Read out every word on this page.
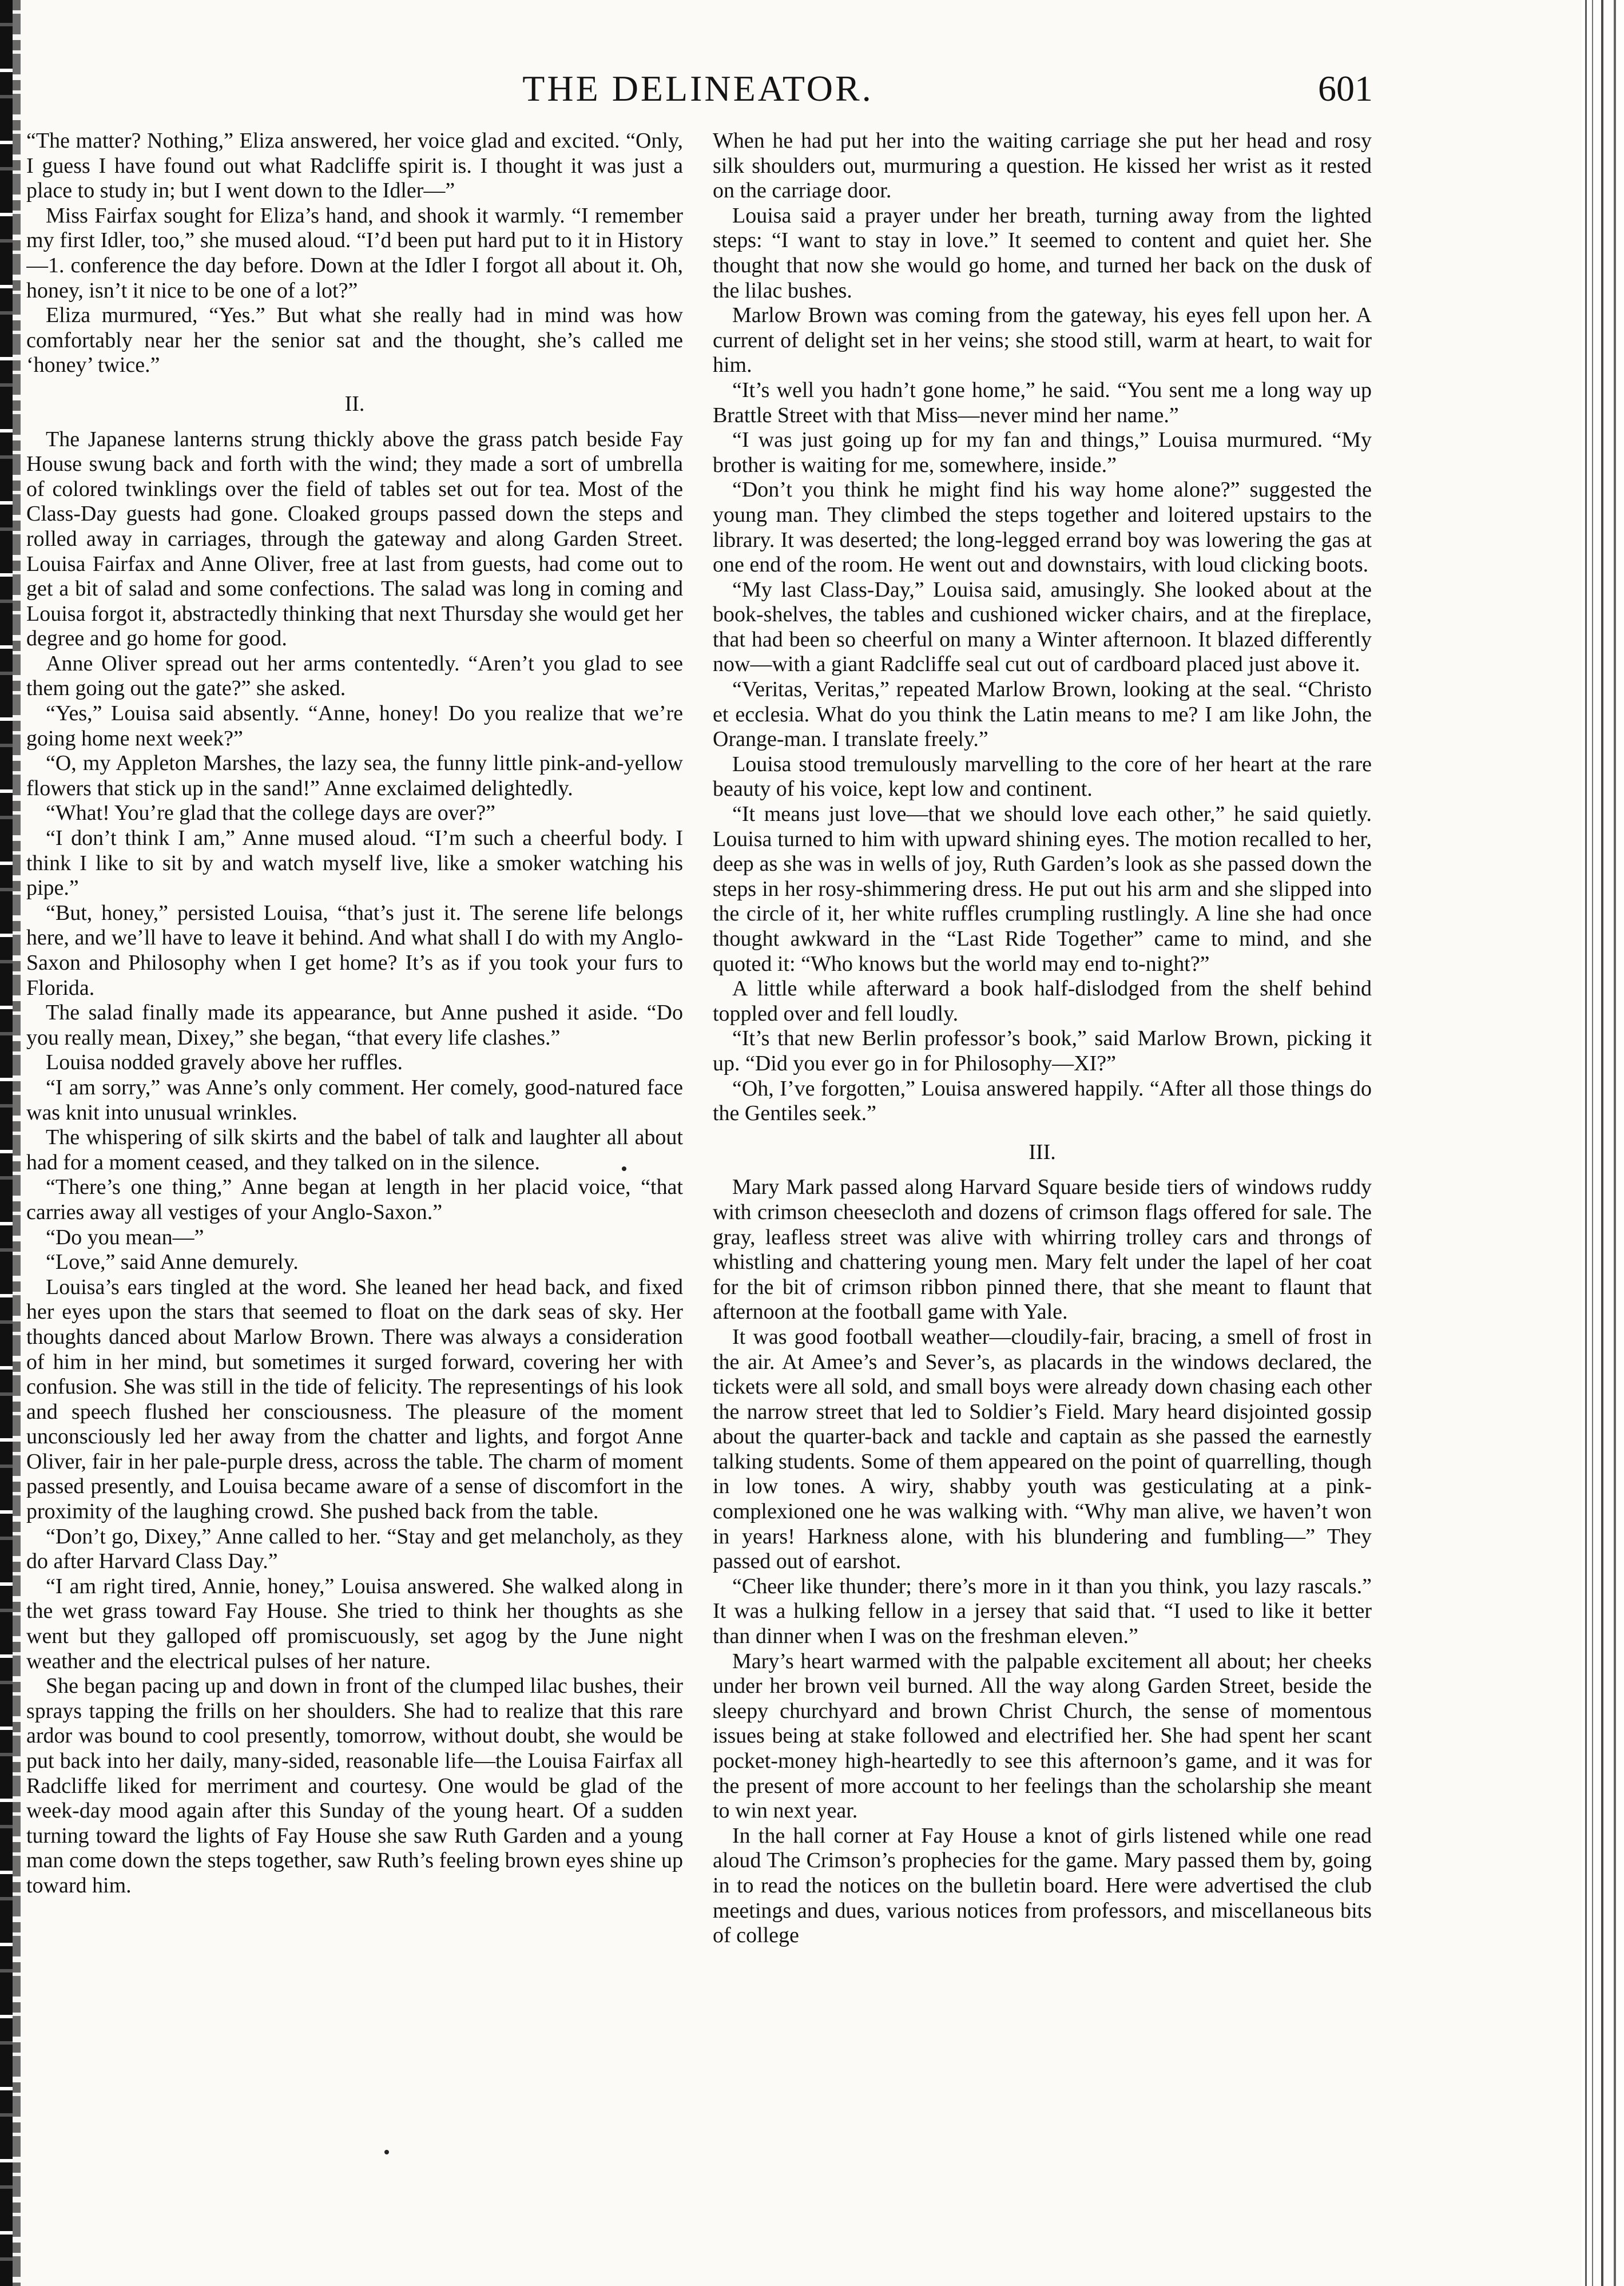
THE DELINEATOR.	601

“The matter? Nothing,” Eliza answered, her voice glad and excited. “Only, I guess I have found out what Radcliffe spirit is. I thought it was just a place to study in; but I went down to the Idler—”

Miss Fairfax sought for Eliza’s hand, and shook it warmly. “I remember my first Idler, too,” she mused aloud. “I’d been put hard put to it in History—1. conference the day before. Down at the Idler I forgot all about it. Oh, honey, isn’t it nice to be one of a lot?”

Eliza murmured, “Yes.” But what she really had in mind was how comfortably near her the senior sat and the thought, she’s called me ‘honey’ twice.”

II.

The Japanese lanterns strung thickly above the grass patch beside Fay House swung back and forth with the wind; they made a sort of umbrella of colored twinklings over the field of tables set out for tea. Most of the Class-Day guests had gone. Cloaked groups passed down the steps and rolled away in carriages, through the gateway and along Garden Street. Louisa Fairfax and Anne Oliver, free at last from guests, had come out to get a bit of salad and some confections. The salad was long in coming and Louisa forgot it, abstractedly thinking that next Thursday she would get her degree and go home for good.

Anne Oliver spread out her arms contentedly. “Aren’t you glad to see them going out the gate?” she asked.

“Yes,” Louisa said absently. “Anne, honey! Do you realize that we’re going home next week?”

“O, my Appleton Marshes, the lazy sea, the funny little pink-and-yellow flowers that stick up in the sand!” Anne exclaimed delightedly.

“What! You’re glad that the college days are over?”

“I don’t think I am,” Anne mused aloud. “I’m such a cheerful body. I think I like to sit by and watch myself live, like a smoker watching his pipe.”

“But, honey,” persisted Louisa, “that’s just it. The serene life belongs here, and we’ll have to leave it behind. And what shall I do with my Anglo-Saxon and Philosophy when I get home? It’s as if you took your furs to Florida.

The salad finally made its appearance, but Anne pushed it aside. “Do you really mean, Dixey,” she began, “that every life clashes.”

Louisa nodded gravely above her ruffles.

“I am sorry,” was Anne’s only comment. Her comely, good-natured face was knit into unusual wrinkles.

The whispering of silk skirts and the babel of talk and laughter all about had for a moment ceased, and they talked on in the silence.

“There’s one thing,” Anne began at length in her placid voice, “that carries away all vestiges of your Anglo-Saxon.”

“Do you mean—”

“Love,” said Anne demurely.

Louisa’s ears tingled at the word. She leaned her head back, and fixed her eyes upon the stars that seemed to float on the dark seas of sky. Her thoughts danced about Marlow Brown. There was always a consideration of him in her mind, but sometimes it surged forward, covering her with confusion. She was still in the tide of felicity. The representings of his look and speech flushed her consciousness. The pleasure of the moment unconsciously led her away from the chatter and lights, and forgot Anne Oliver, fair in her pale-purple dress, across the table. The charm of moment passed presently, and Louisa became aware of a sense of discomfort in the proximity of the laughing crowd. She pushed back from the table.

“Don’t go, Dixey,” Anne called to her. “Stay and get melancholy, as they do after Harvard Class Day.”

“I am right tired, Annie, honey,” Louisa answered. She walked along in the wet grass toward Fay House. She tried to think her thoughts as she went but they galloped off promiscuously, set agog by the June night weather and the electrical pulses of her nature.

She began pacing up and down in front of the clumped lilac bushes, their sprays tapping the frills on her shoulders. She had to realize that this rare ardor was bound to cool presently, tomorrow, without doubt, she would be put back into her daily, many-sided, reasonable life—the Louisa Fairfax all Radcliffe liked for merriment and courtesy. One would be glad of the week-day mood again after this Sunday of the young heart. Of a sudden turning toward the lights of Fay House she saw Ruth Garden and a young man come down the steps together, saw Ruth’s feeling brown eyes shine up toward him.

When he had put her into the waiting carriage she put her head and rosy silk shoulders out, murmuring a question. He kissed her wrist as it rested on the carriage door.

Louisa said a prayer under her breath, turning away from the lighted steps: “I want to stay in love.” It seemed to content and quiet her. She thought that now she would go home, and turned her back on the dusk of the lilac bushes.

Marlow Brown was coming from the gateway, his eyes fell upon her. A current of delight set in her veins; she stood still, warm at heart, to wait for him.

“It’s well you hadn’t gone home,” he said. “You sent me a long way up Brattle Street with that Miss—never mind her name.”

“I was just going up for my fan and things,” Louisa murmured. “My brother is waiting for me, somewhere, inside.”

“Don’t you think he might find his way home alone?” suggested the young man. They climbed the steps together and loitered upstairs to the library. It was deserted; the long-legged errand boy was lowering the gas at one end of the room. He went out and downstairs, with loud clicking boots.

“My last Class-Day,” Louisa said, amusingly. She looked about at the book-shelves, the tables and cushioned wicker chairs, and at the fireplace, that had been so cheerful on many a Winter afternoon. It blazed differently now—with a giant Radcliffe seal cut out of cardboard placed just above it.

“Veritas, Veritas,” repeated Marlow Brown, looking at the seal. “Christo et ecclesia. What do you think the Latin means to me? I am like John, the Orange-man. I translate freely.”

Louisa stood tremulously marvelling to the core of her heart at the rare beauty of his voice, kept low and continent.

“It means just love—that we should love each other,” he said quietly. Louisa turned to him with upward shining eyes. The motion recalled to her, deep as she was in wells of joy, Ruth Garden’s look as she passed down the steps in her rosy-shimmering dress. He put out his arm and she slipped into the circle of it, her white ruffles crumpling rustlingly. A line she had once thought awkward in the “Last Ride Together” came to mind, and she quoted it: “Who knows but the world may end to-night?”

A little while afterward a book half-dislodged from the shelf behind toppled over and fell loudly.

“It’s that new Berlin professor’s book,” said Marlow Brown, picking it up. “Did you ever go in for Philosophy—XI?”

“Oh, I’ve forgotten,” Louisa answered happily. “After all those things do the Gentiles seek.”

III.

Mary Mark passed along Harvard Square beside tiers of windows ruddy with crimson cheesecloth and dozens of crimson flags offered for sale. The gray, leafless street was alive with whirring trolley cars and throngs of whistling and chattering young men. Mary felt under the lapel of her coat for the bit of crimson ribbon pinned there, that she meant to flaunt that afternoon at the football game with Yale.

It was good football weather—cloudily-fair, bracing, a smell of frost in the air. At Amee’s and Sever’s, as placards in the windows declared, the tickets were all sold, and small boys were already down chasing each other the narrow street that led to Soldier’s Field. Mary heard disjointed gossip about the quarter-back and tackle and captain as she passed the earnestly talking students. Some of them appeared on the point of quarrelling, though in low tones. A wiry, shabby youth was gesticulating at a pink-complexioned one he was walking with. “Why man alive, we haven’t won in years! Harkness alone, with his blundering and fumbling—” They passed out of earshot.

“Cheer like thunder; there’s more in it than you think, you lazy rascals.” It was a hulking fellow in a jersey that said that. “I used to like it better than dinner when I was on the freshman eleven.”

Mary’s heart warmed with the palpable excitement all about; her cheeks under her brown veil burned. All the way along Garden Street, beside the sleepy churchyard and brown Christ Church, the sense of momentous issues being at stake followed and electrified her. She had spent her scant pocket-money high-heartedly to see this afternoon’s game, and it was for the present of more account to her feelings than the scholarship she meant to win next year.

In the hall corner at Fay House a knot of girls listened while one read aloud The Crimson’s prophecies for the game. Mary passed them by, going in to read the notices on the bulletin board. Here were advertised the club meetings and dues, various notices from professors, and miscellaneous bits of college
